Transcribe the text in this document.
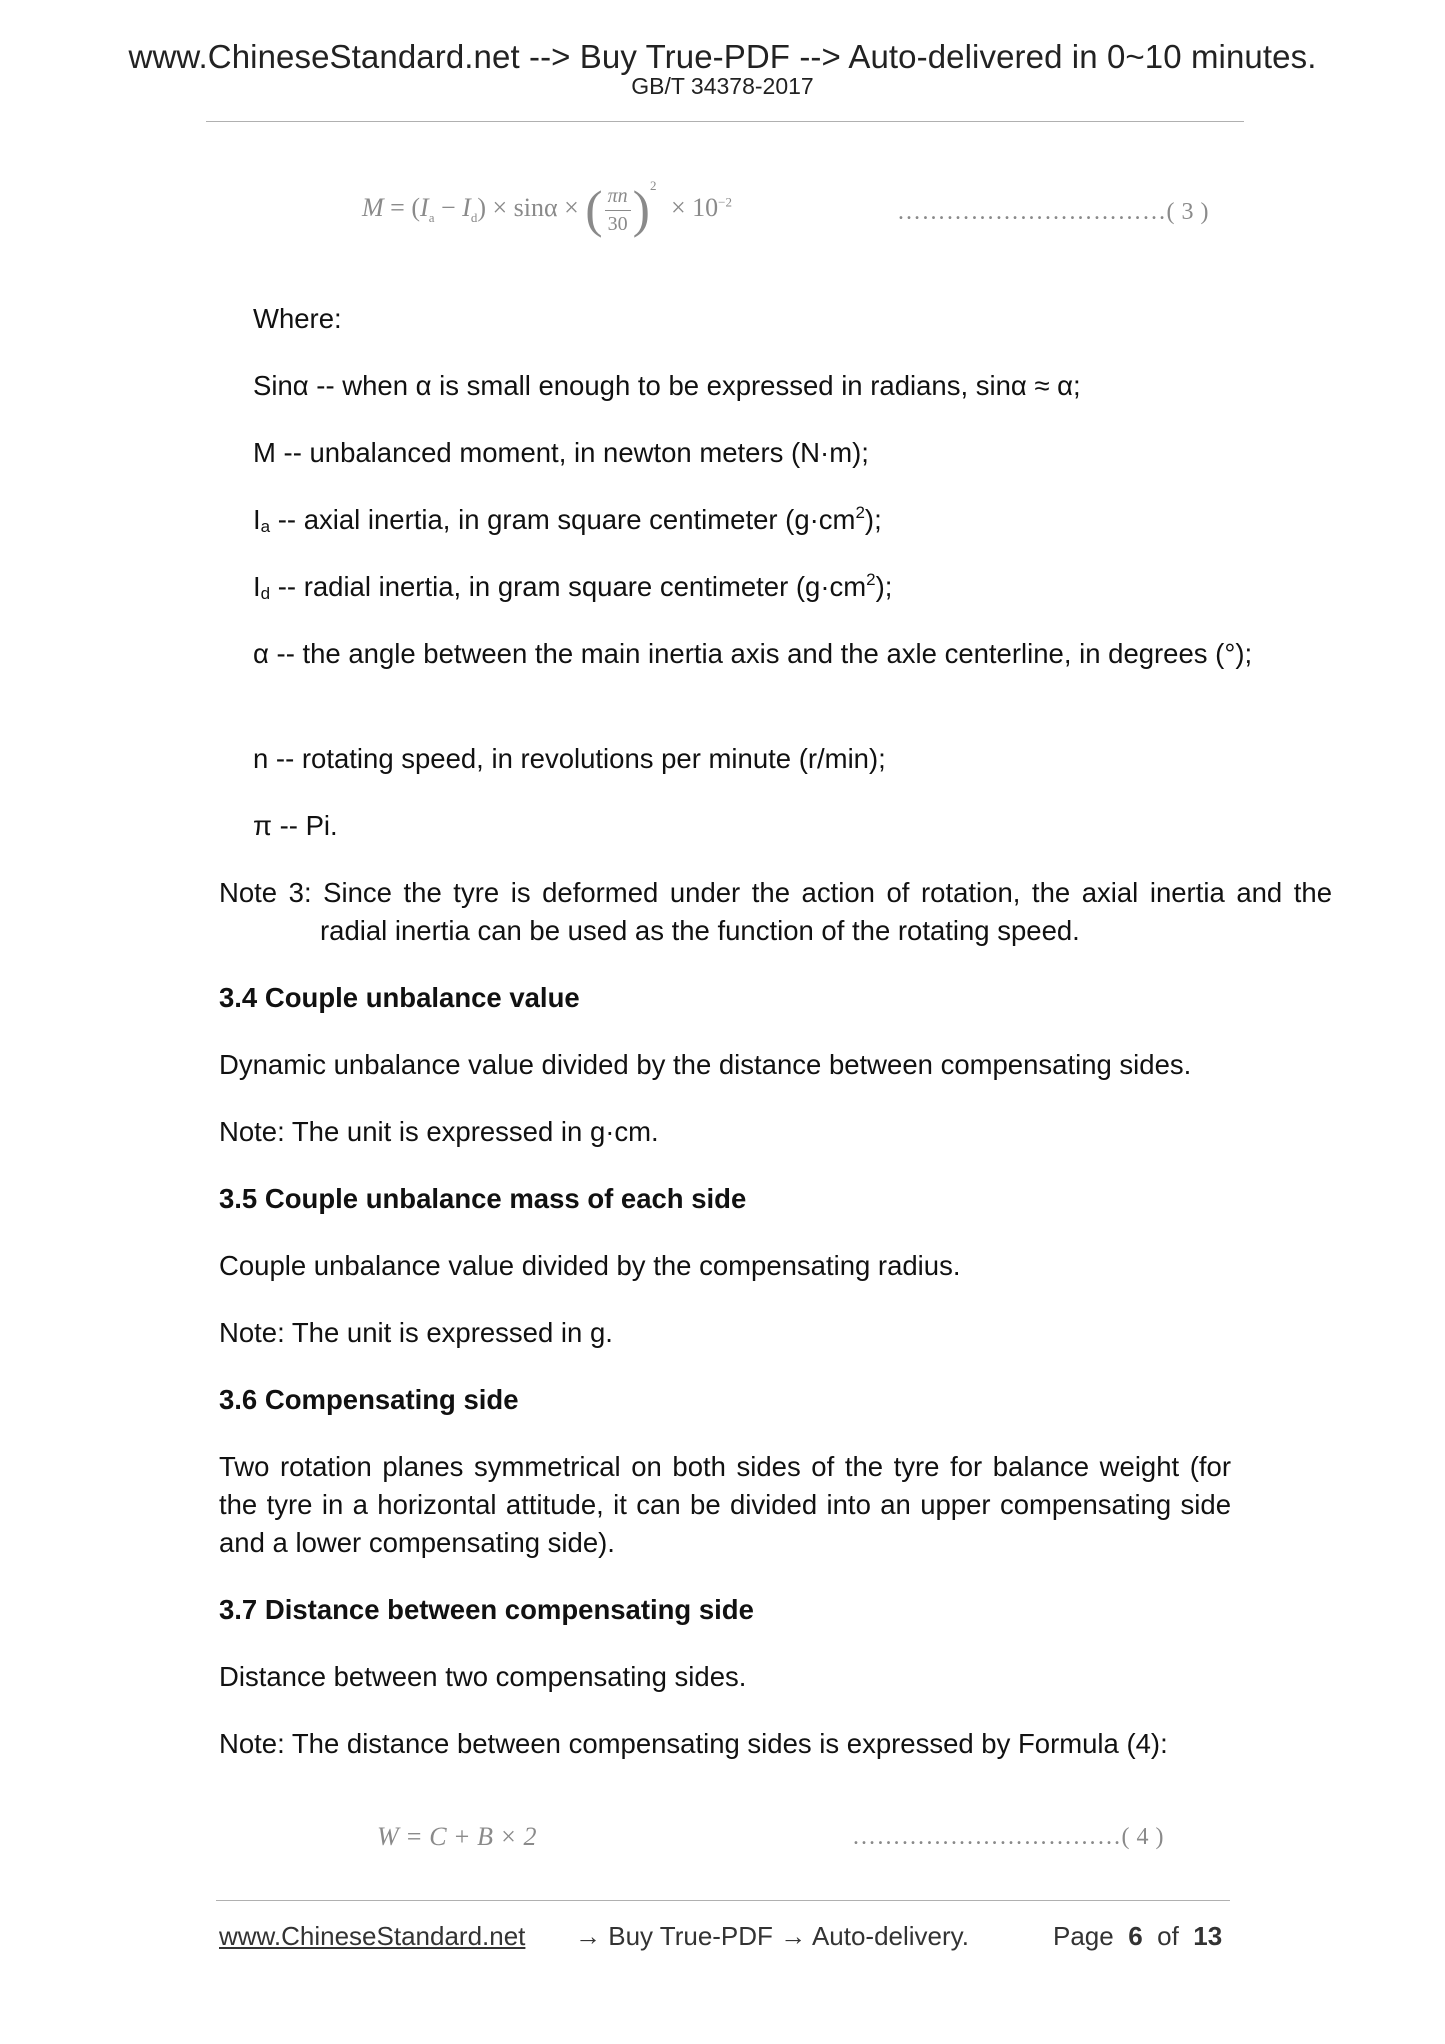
www.ChineseStandard.net --> Buy True-PDF --> Auto-delivered in 0~10 minutes.
GB/T 34378-2017
$M = (I_a - I_d) \times \sin\alpha$ × ( $\frac{\pi n}{30} )^2 \times 10^{-2}$	……………………………( 3 )

Where:

Sinα -- when α is small enough to be expressed in radians, sinα ≈ α;

M -- unbalanced moment, in newton meters (N·m);

$I_a$ -- axial inertia, in gram square centimeter $(g\cdot cm^2)$;

$I_d$ -- radial inertia, in gram square centimeter $(g\cdot cm^2)$;

α -- the angle between the main inertia axis and the axle centerline, in degrees (°);

n -- rotating speed, in revolutions per minute (r/min);

π -- Pi.

Note 3: Since the tyre is deformed under the action of rotation, the axial inertia and the radial inertia can be used as the function of the rotating speed.

3.4 Couple unbalance value

Dynamic unbalance value divided by the distance between compensating sides.

Note: The unit is expressed in g·cm.

3.5 Couple unbalance mass of each side

Couple unbalance value divided by the compensating radius.

Note: The unit is expressed in g.

3.6 Compensating side

Two rotation planes symmetrical on both sides of the tyre for balance weight (for the tyre in a horizontal attitude, it can be divided into an upper compensating side and a lower compensating side).

3.7 Distance between compensating side

Distance between two compensating sides.

Note: The distance between compensating sides is expressed by Formula (4):

W = C + B × 2	……………………………( 4 )
www.ChineseStandard.net → Buy True-PDF → Auto-delivery.	Page 6 of 13
